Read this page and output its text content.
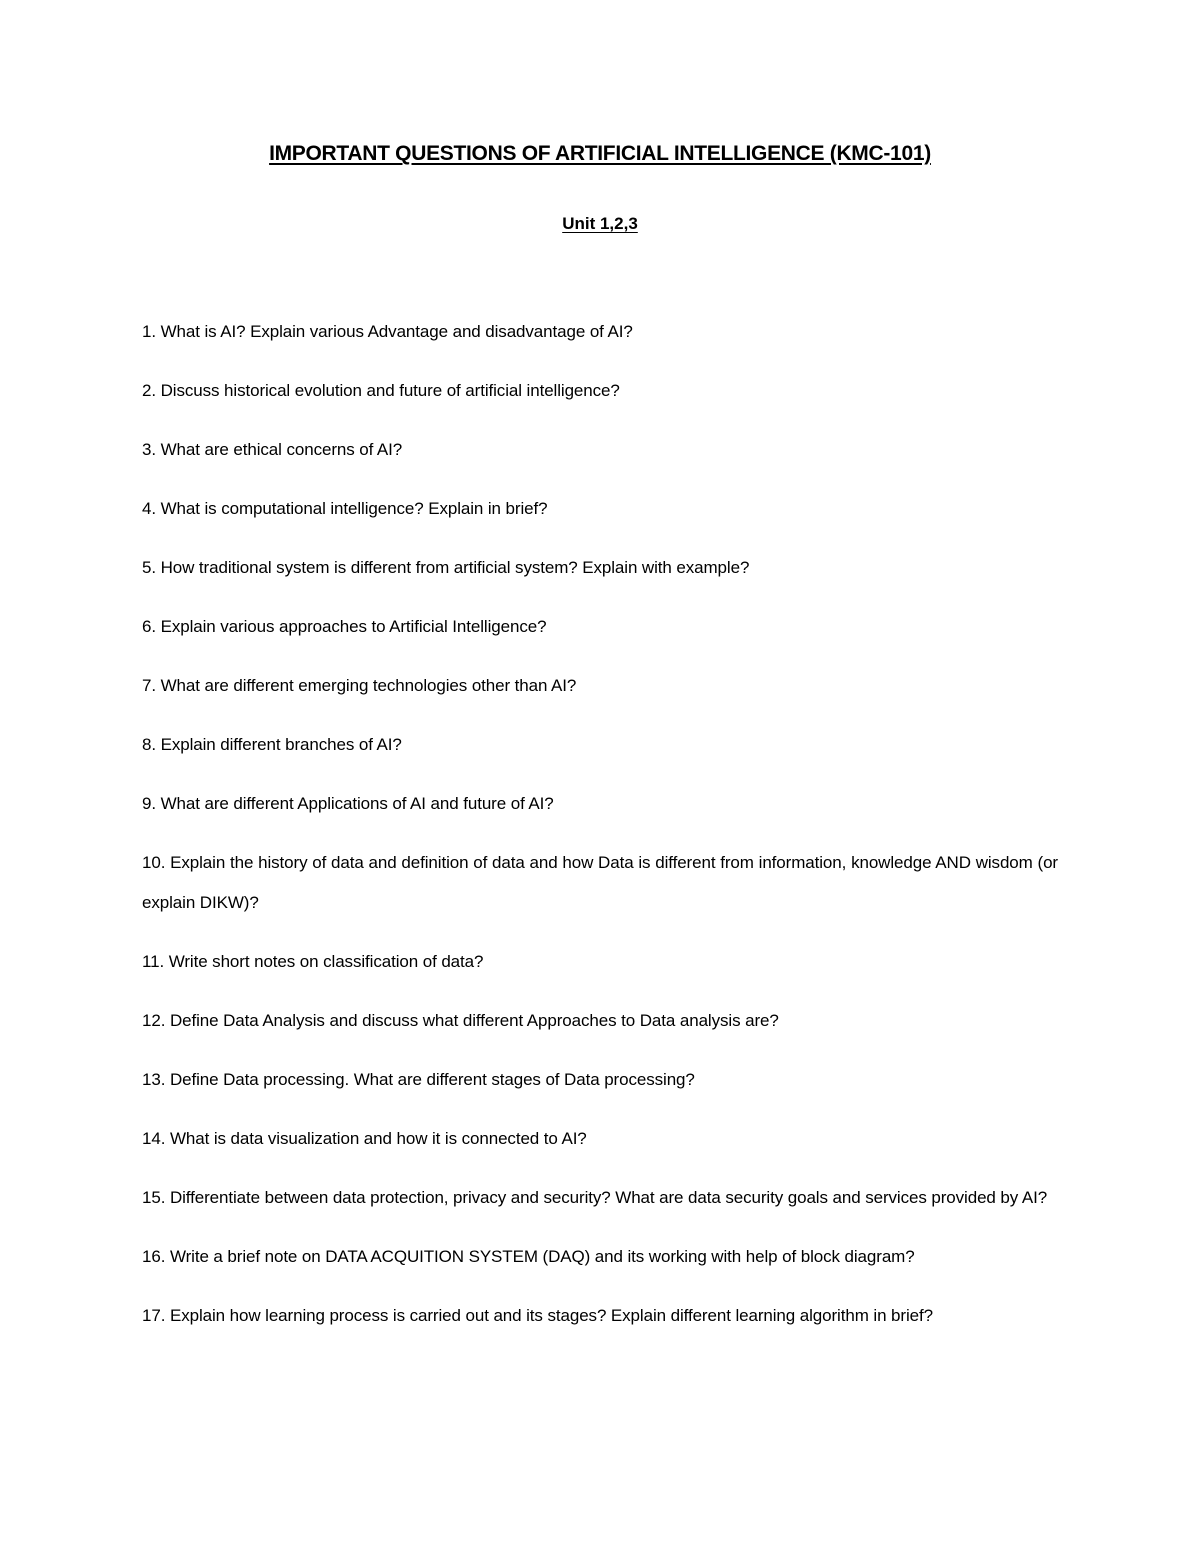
IMPORTANT QUESTIONS OF ARTIFICIAL INTELLIGENCE (KMC-101)
Unit 1,2,3
1. What is AI? Explain various Advantage and disadvantage of AI?
2. Discuss historical evolution and future of artificial intelligence?
3. What are ethical concerns of AI?
4. What is computational intelligence? Explain in brief?
5. How traditional system is different from artificial system? Explain with example?
6. Explain various approaches to Artificial Intelligence?
7. What are different emerging technologies other than AI?
8. Explain different branches of AI?
9. What are different Applications of AI and future of AI?
10. Explain the history of data and definition of data and how Data is different from information, knowledge AND wisdom (or explain DIKW)?
11. Write short notes on classification of data?
12. Define Data Analysis and discuss what different Approaches to Data analysis are?
13. Define Data processing. What are different stages of Data processing?
14. What is data visualization and how it is connected to AI?
15. Differentiate between data protection, privacy and security? What are data security goals and services provided by AI?
16. Write a brief note on DATA ACQUITION SYSTEM (DAQ) and its working with help of block diagram?
17. Explain how learning process is carried out and its stages? Explain different learning algorithm in brief?
